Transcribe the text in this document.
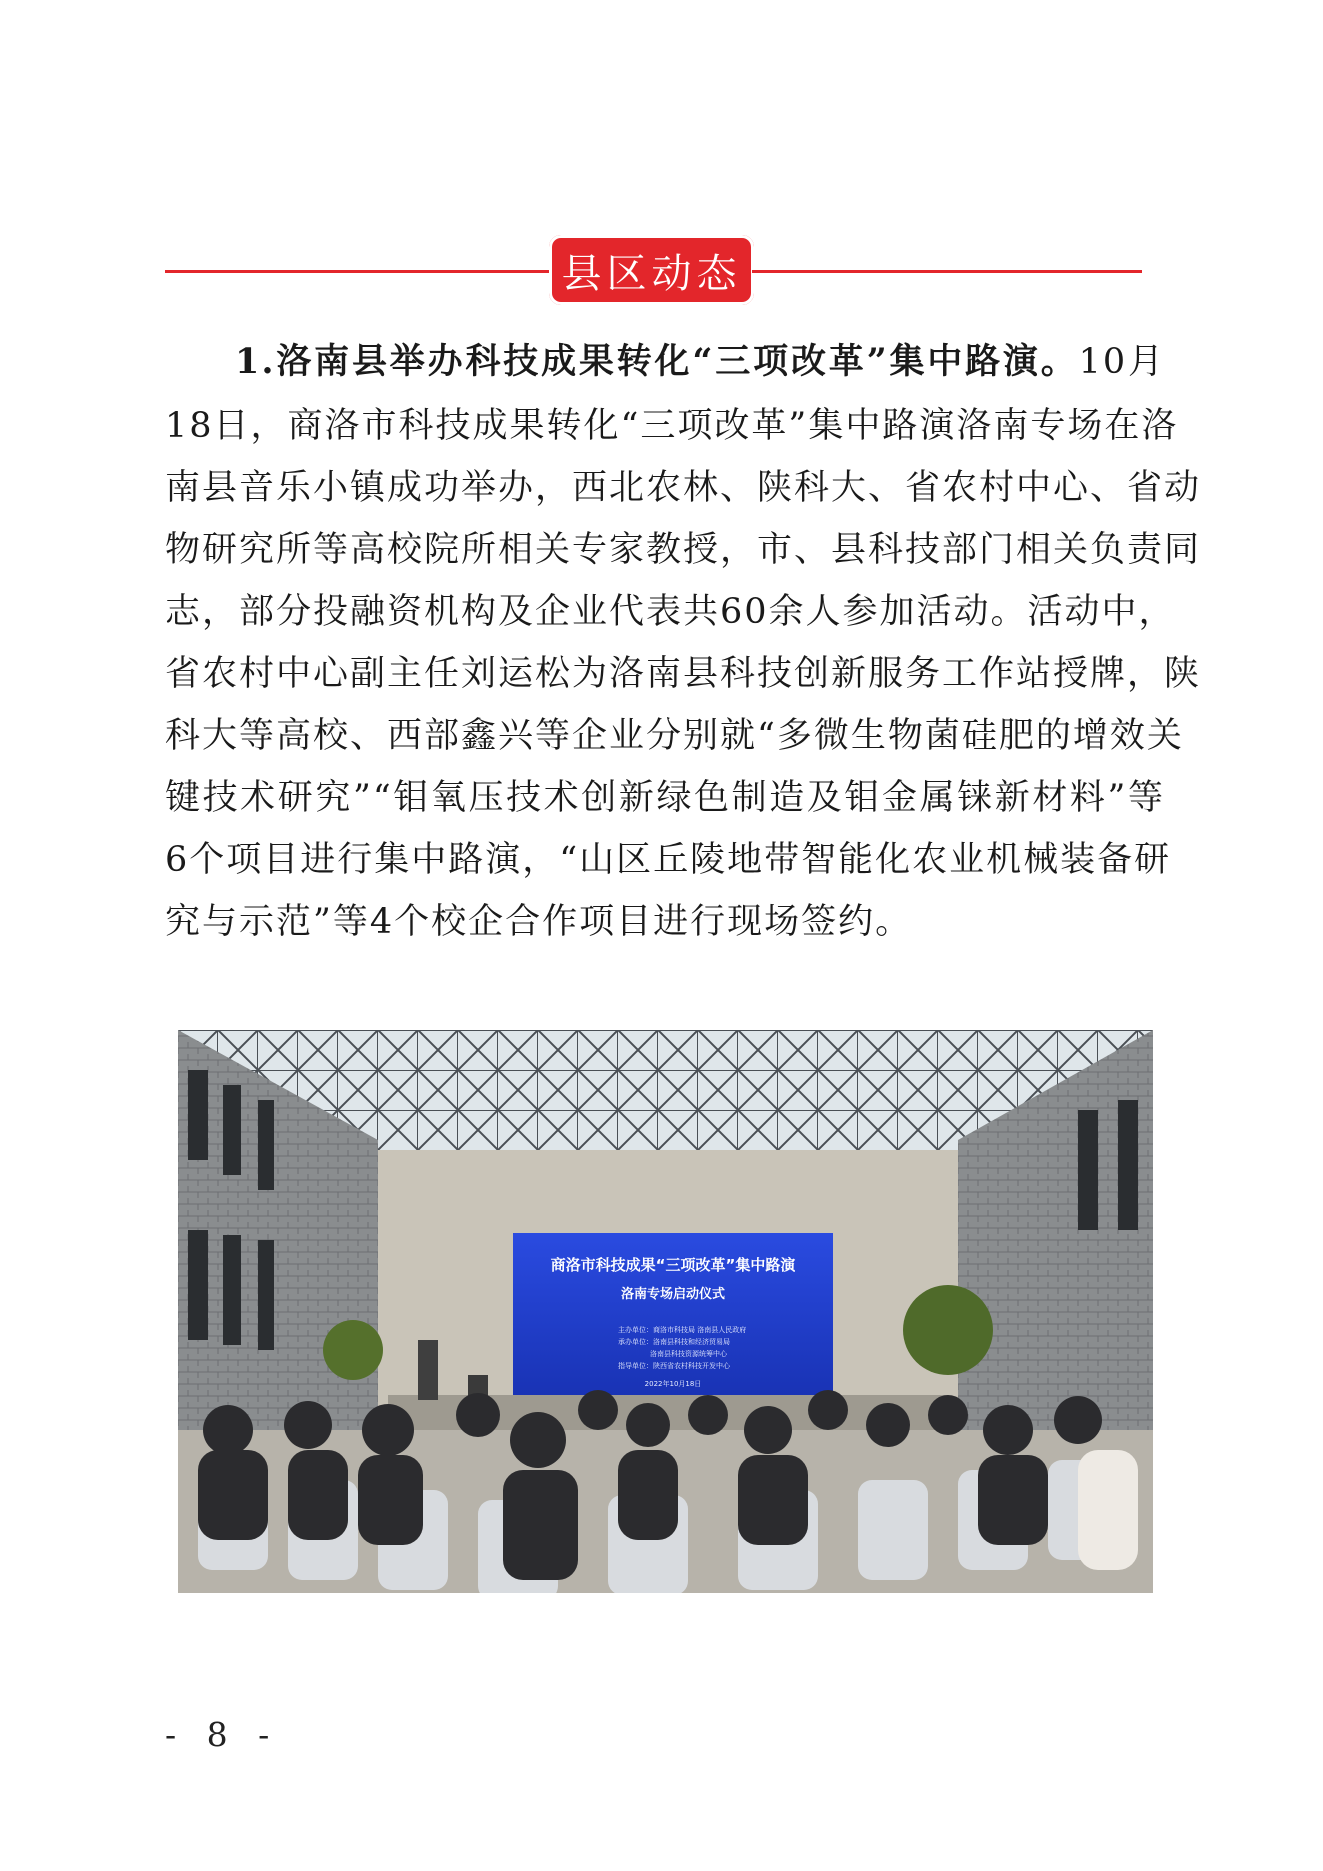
县区动态
1.洛南县举办科技成果转化“三项改革”集中路演。10月
18日，商洛市科技成果转化“三项改革”集中路演洛南专场在洛
南县音乐小镇成功举办，西北农林、陕科大、省农村中心、省动
物研究所等高校院所相关专家教授，市、县科技部门相关负责同
志，部分投融资机构及企业代表共60余人参加活动。活动中，
省农村中心副主任刘运松为洛南县科技创新服务工作站授牌，陕
科大等高校、西部鑫兴等企业分别就“多微生物菌硅肥的增效关
键技术研究”“钼氧压技术创新绿色制造及钼金属铼新材料”等
6个项目进行集中路演，“山区丘陵地带智能化农业机械装备研
究与示范”等4个校企合作项目进行现场签约。
商洛市科技成果“三项改革”集中路演
洛南专场启动仪式
主办单位：商洛市科技局 洛南县人民政府
承办单位：洛南县科技和经济贸易局
洛南县科技资源统筹中心
指导单位：陕西省农村科技开发中心
2022年10月18日
- 8 -
